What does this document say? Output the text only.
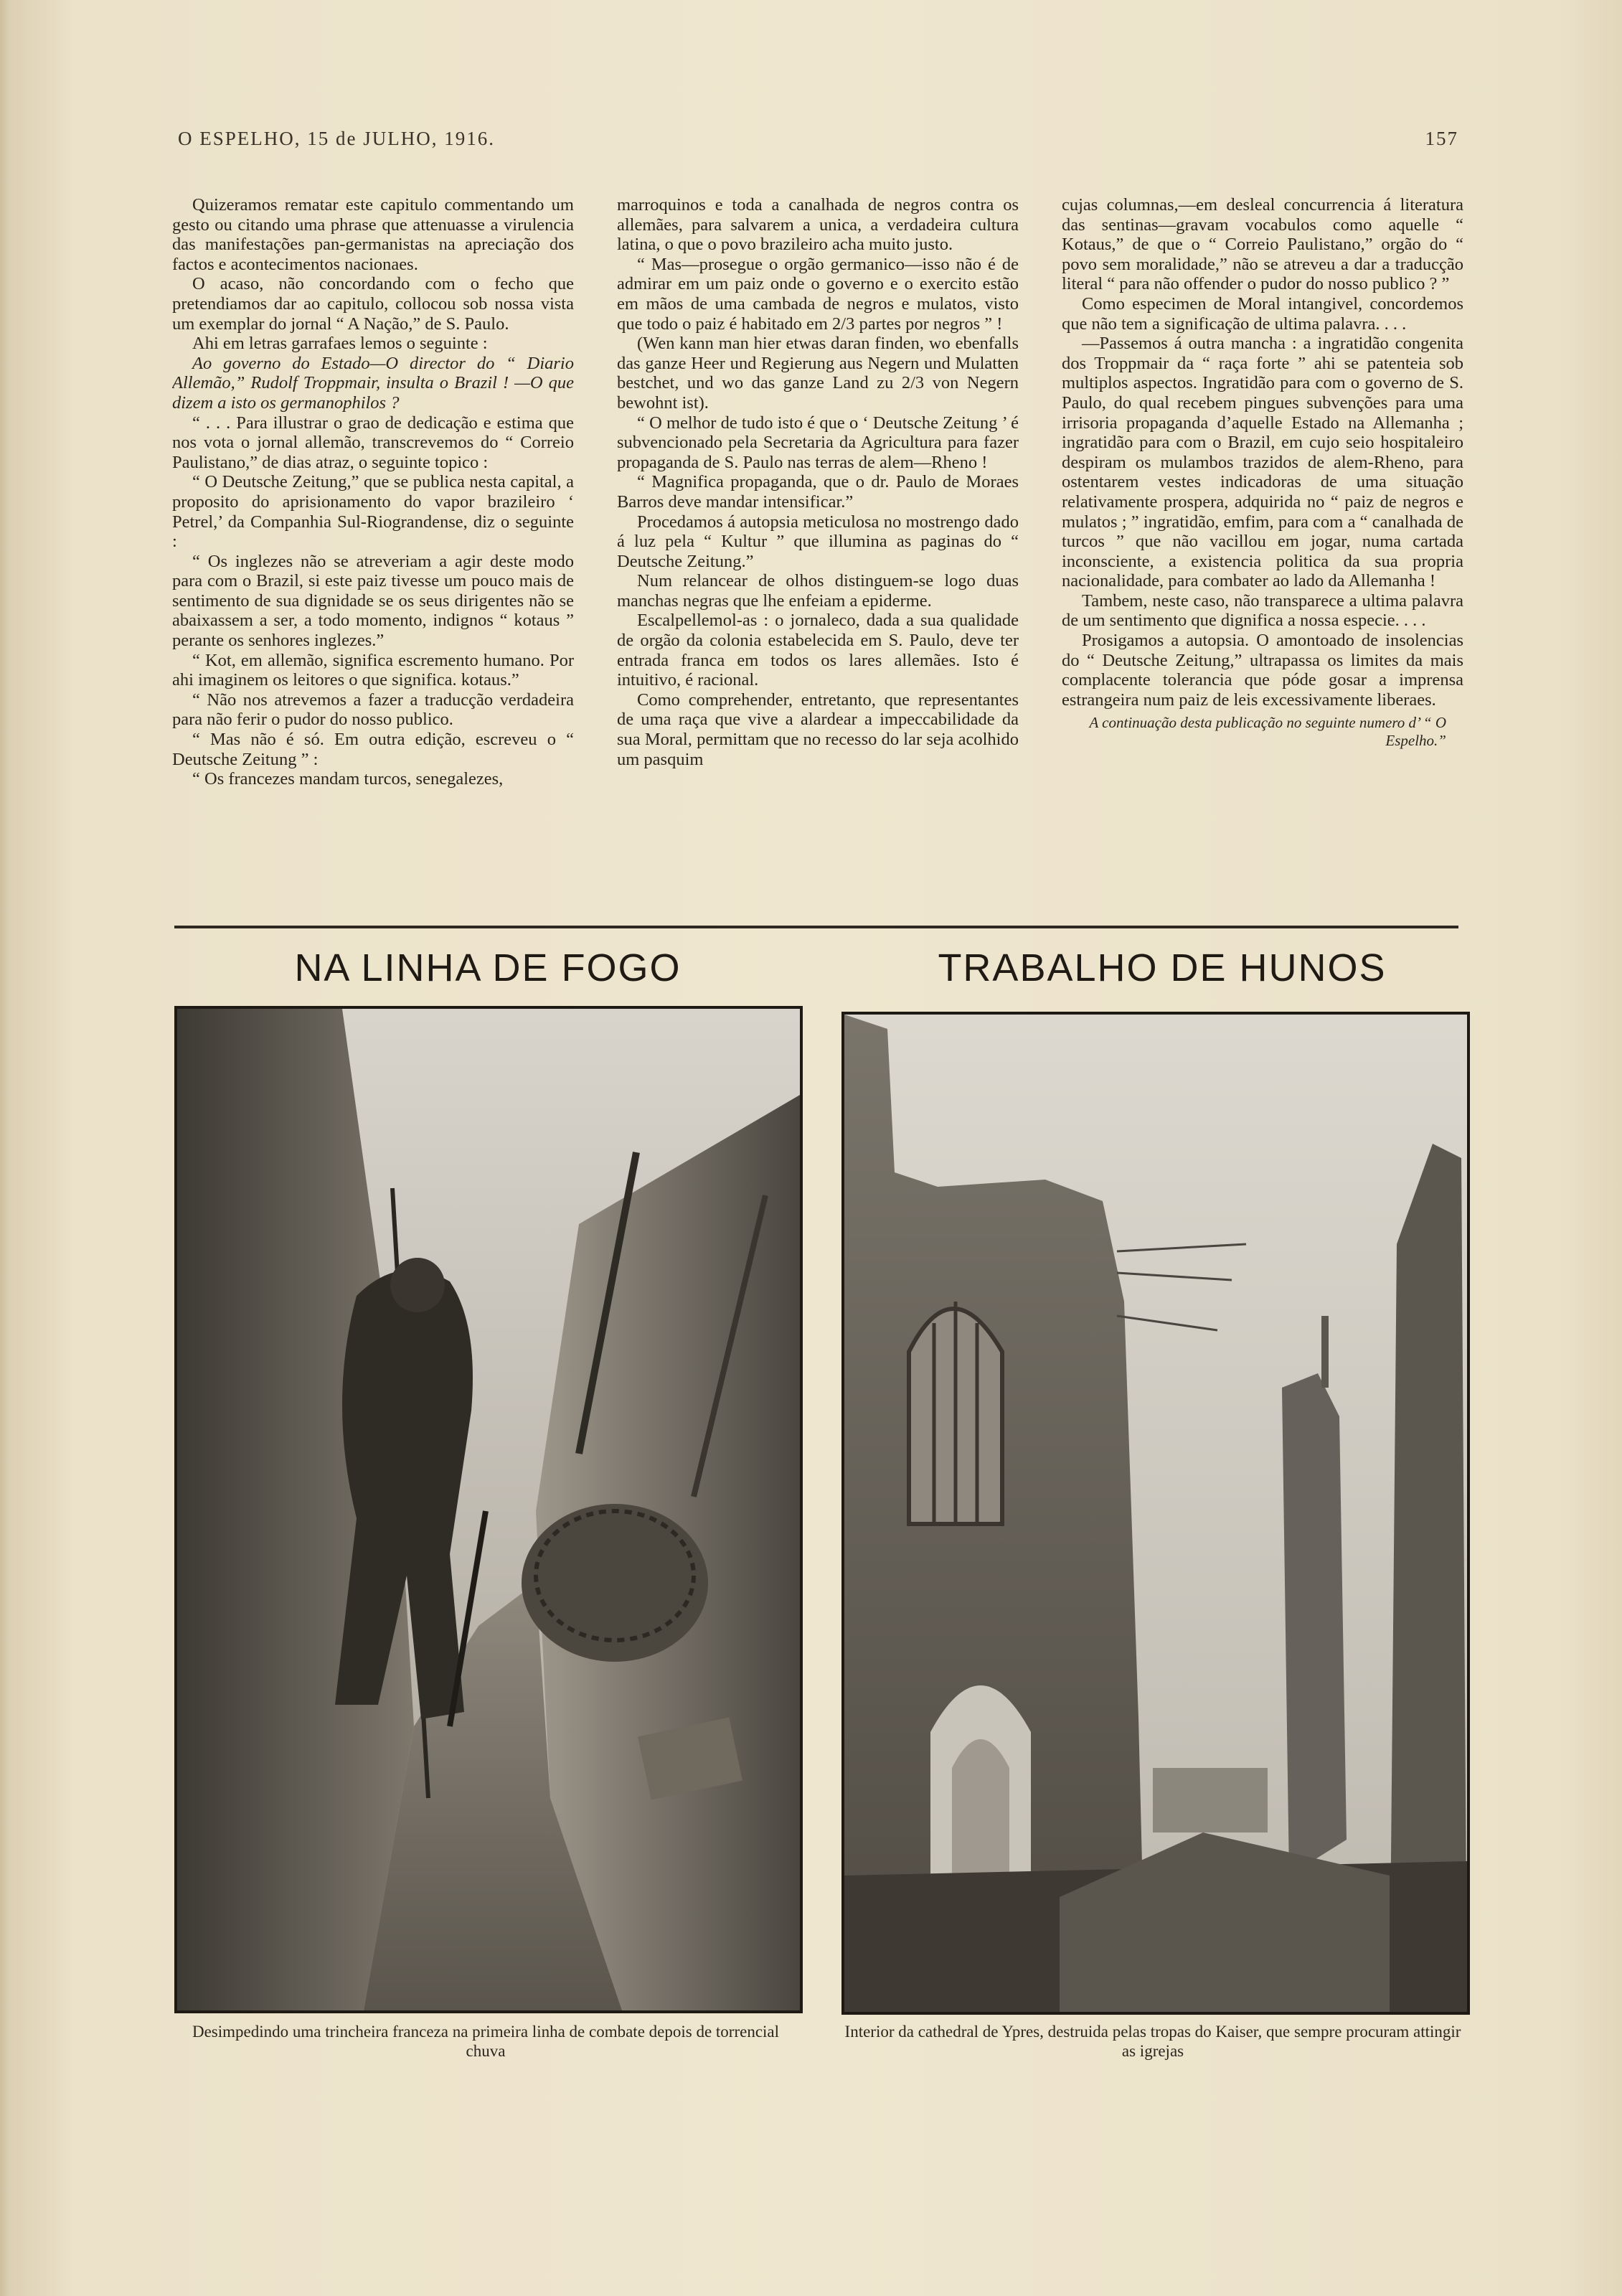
O ESPELHO, 15 de JULHO, 1916.	157

Quizeramos rematar este capitulo commentando um gesto ou citando uma phrase que attenuasse a virulencia das manifestações pan-germanistas na apreciação dos factos e acontecimentos nacionaes.

O acaso, não concordando com o fecho que pretendiamos dar ao capitulo, collocou sob nossa vista um exemplar do jornal “ A Nação,” de S. Paulo.

Ahi em letras garrafaes lemos o seguinte :

Ao governo do Estado—O director do “ Diario Allemão,” Rudolf Troppmair, insulta o Brazil ! —O que dizem a isto os germanophilos ?

“ . . . Para illustrar o grao de dedicação e estima que nos vota o jornal allemão, transcrevemos do “ Correio Paulistano,” de dias atraz, o seguinte topico :

“ O Deutsche Zeitung,” que se publica nesta capital, a proposito do aprisionamento do vapor brazileiro ‘ Petrel,’ da Companhia Sul-Riograndense, diz o seguinte :

“ Os inglezes não se atreveriam a agir deste modo para com o Brazil, si este paiz tivesse um pouco mais de sentimento de sua dignidade se os seus dirigentes não se abaixassem a ser, a todo momento, indignos “ kotaus ” perante os senhores inglezes.”

“ Kot, em allemão, significa escremento humano. Por ahi imaginem os leitores o que significa. kotaus.”

“ Não nos atrevemos a fazer a traducção verdadeira para não ferir o pudor do nosso publico.

“ Mas não é só. Em outra edição, escreveu o “ Deutsche Zeitung ” :

“ Os francezes mandam turcos, senegalezes,

marroquinos e toda a canalhada de negros contra os allemães, para salvarem a unica, a verdadeira cultura latina, o que o povo brazileiro acha muito justo.

“ Mas—prosegue o orgão germanico—isso não é de admirar em um paiz onde o governo e o exercito estão em mãos de uma cambada de negros e mulatos, visto que todo o paiz é habitado em 2/3 partes por negros ” !

(Wen kann man hier etwas daran finden, wo ebenfalls das ganze Heer und Regierung aus Negern und Mulatten bestchet, und wo das ganze Land zu 2/3 von Negern bewohnt ist).

“ O melhor de tudo isto é que o ‘ Deutsche Zeitung ’ é subvencionado pela Secretaria da Agricultura para fazer propaganda de S. Paulo nas terras de alem—Rheno !

“ Magnifica propaganda, que o dr. Paulo de Moraes Barros deve mandar intensificar.”

Procedamos á autopsia meticulosa no mostrengo dado á luz pela “ Kultur ” que illumina as paginas do “ Deutsche Zeitung.”

Num relancear de olhos distinguem-se logo duas manchas negras que lhe enfeiam a epiderme.

Escalpellemol-as : o jornaleco, dada a sua qualidade de orgão da colonia estabelecida em S. Paulo, deve ter entrada franca em todos os lares allemães. Isto é intuitivo, é racional.

Como comprehender, entretanto, que representantes de uma raça que vive a alardear a impeccabilidade da sua Moral, permittam que no recesso do lar seja acolhido um pasquim

cujas columnas,—em desleal concurrencia á literatura das sentinas—gravam vocabulos como aquelle “ Kotaus,” de que o “ Correio Paulistano,” orgão do “ povo sem moralidade,” não se atreveu a dar a traducção literal “ para não offender o pudor do nosso publico ? ”

Como especimen de Moral intangivel, concordemos que não tem a significação de ultima palavra. . . .

—Passemos á outra mancha : a ingratidão congenita dos Troppmair da “ raça forte ” ahi se patenteia sob multiplos aspectos. Ingratidão para com o governo de S. Paulo, do qual recebem pingues subvenções para uma irrisoria propaganda d’aquelle Estado na Allemanha ; ingratidão para com o Brazil, em cujo seio hospitaleiro despiram os mulambos trazidos de alem-Rheno, para ostentarem vestes indicadoras de uma situação relativamente prospera, adquirida no “ paiz de negros e mulatos ; ” ingratidão, emfim, para com a “ canalhada de turcos ” que não vacillou em jogar, numa cartada inconsciente, a existencia politica da sua propria nacionalidade, para combater ao lado da Allemanha !

Tambem, neste caso, não transparece a ultima palavra de um sentimento que dignifica a nossa especie. . . .

Prosigamos a autopsia. O amontoado de insolencias do “ Deutsche Zeitung,” ultrapassa os limites da mais complacente tolerancia que póde gosar a imprensa estrangeira num paiz de leis excessivamente liberaes.

A continuação desta publicação no seguinte numero d’ “ O Espelho.”

NA LINHA DE FOGO	TRABALHO DE HUNOS
Desimpedindo uma trincheira franceza na primeira linha de combate depois de torrencial chuva
Interior da cathedral de Ypres, destruida pelas tropas do Kaiser, que sempre procuram attingir as igrejas
